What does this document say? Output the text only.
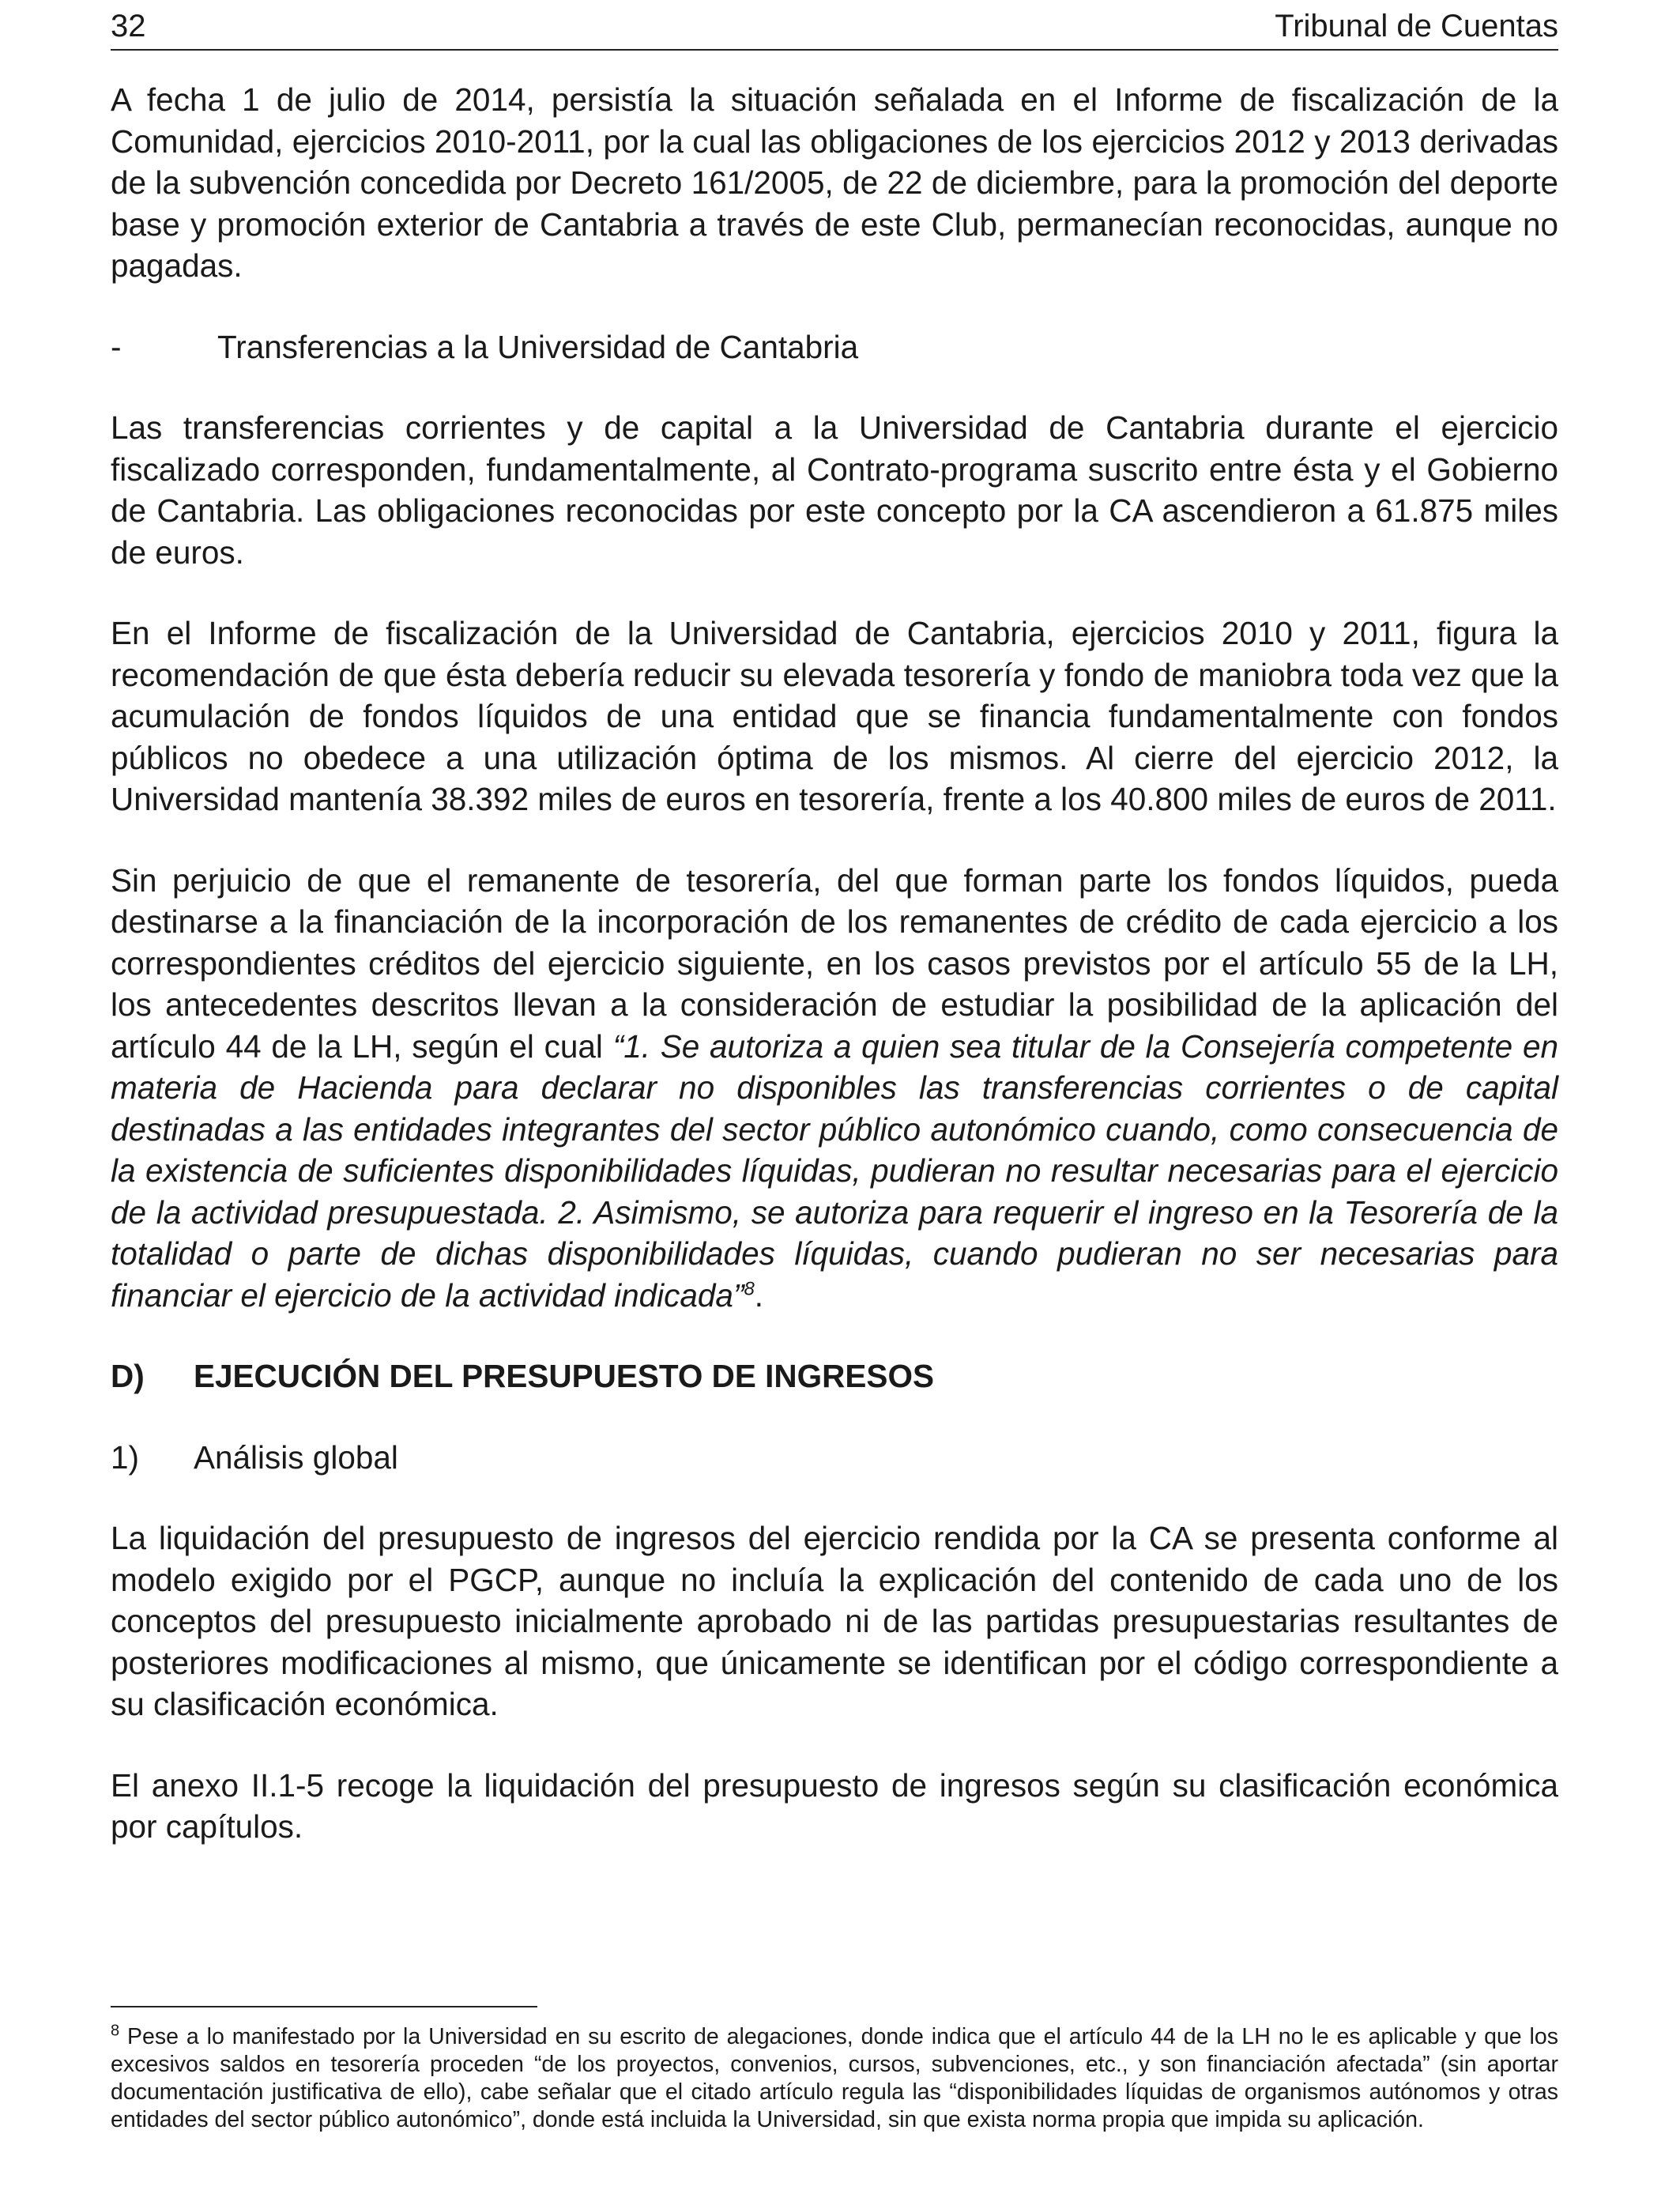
32	Tribunal de Cuentas

A fecha 1 de julio de 2014, persistía la situación señalada en el Informe de fiscalización de la Comunidad, ejercicios 2010-2011, por la cual las obligaciones de los ejercicios 2012 y 2013 derivadas de la subvención concedida por Decreto 161/2005, de 22 de diciembre, para la promoción del deporte base y promoción exterior de Cantabria a través de este Club, permanecían reconocidas, aunque no pagadas.

-	Transferencias a la Universidad de Cantabria

Las transferencias corrientes y de capital a la Universidad de Cantabria durante el ejercicio fiscalizado corresponden, fundamentalmente, al Contrato-programa suscrito entre ésta y el Gobierno de Cantabria. Las obligaciones reconocidas por este concepto por la CA ascendieron a 61.875 miles de euros.

En el Informe de fiscalización de la Universidad de Cantabria, ejercicios 2010 y 2011, figura la recomendación de que ésta debería reducir su elevada tesorería y fondo de maniobra toda vez que la acumulación de fondos líquidos de una entidad que se financia fundamentalmente con fondos públicos no obedece a una utilización óptima de los mismos. Al cierre del ejercicio 2012, la Universidad mantenía 38.392 miles de euros en tesorería, frente a los 40.800 miles de euros de 2011.

Sin perjuicio de que el remanente de tesorería, del que forman parte los fondos líquidos, pueda destinarse a la financiación de la incorporación de los remanentes de crédito de cada ejercicio a los correspondientes créditos del ejercicio siguiente, en los casos previstos por el artículo 55 de la LH, los antecedentes descritos llevan a la consideración de estudiar la posibilidad de la aplicación del artículo 44 de la LH, según el cual “1. Se autoriza a quien sea titular de la Consejería competente en materia de Hacienda para declarar no disponibles las transferencias corrientes o de capital destinadas a las entidades integrantes del sector público autonómico cuando, como consecuencia de la existencia de suficientes disponibilidades líquidas, pudieran no resultar necesarias para el ejercicio de la actividad presupuestada. 2. Asimismo, se autoriza para requerir el ingreso en la Tesorería de la totalidad o parte de dichas disponibilidades líquidas, cuando pudieran no ser necesarias para financiar el ejercicio de la actividad indicada”$^8$.

D)	EJECUCIÓN DEL PRESUPUESTO DE INGRESOS
1)	Análisis global

La liquidación del presupuesto de ingresos del ejercicio rendida por la CA se presenta conforme al modelo exigido por el PGCP, aunque no incluía la explicación del contenido de cada uno de los conceptos del presupuesto inicialmente aprobado ni de las partidas presupuestarias resultantes de posteriores modificaciones al mismo, que únicamente se identifican por el código correspondiente a su clasificación económica.

El anexo II.1-5 recoge la liquidación del presupuesto de ingresos según su clasificación económica por capítulos.

$^8$ Pese a lo manifestado por la Universidad en su escrito de alegaciones, donde indica que el artículo 44 de la LH no le es aplicable y que los excesivos saldos en tesorería proceden “de los proyectos, convenios, cursos, subvenciones, etc., y son financiación afectada” (sin aportar documentación justificativa de ello), cabe señalar que el citado artículo regula las “disponibilidades líquidas de organismos autónomos y otras entidades del sector público autonómico”, donde está incluida la Universidad, sin que exista norma propia que impida su aplicación.
